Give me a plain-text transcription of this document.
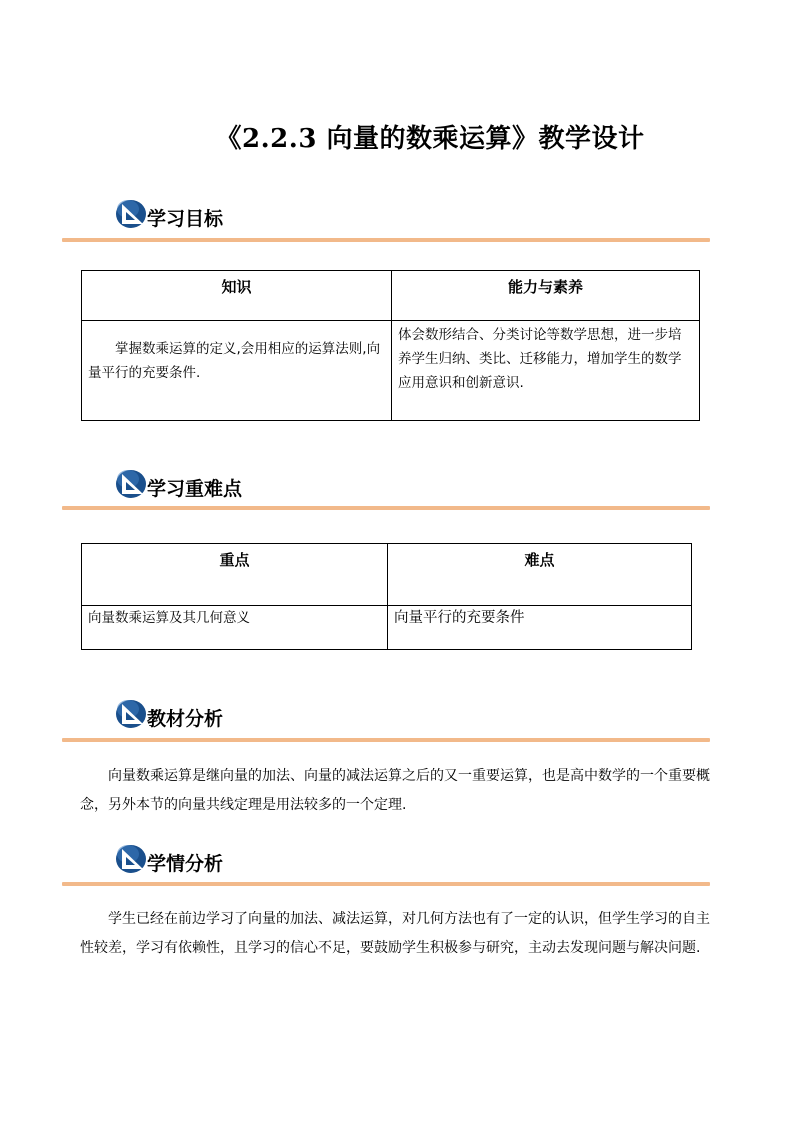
《2.2.3 向量的数乘运算》教学设计
学习目标
知识	能力与素养
掌握数乘运算的定义,会用相应的运算法则,向量平行的充要条件.	体会数形结合、分类讨论等数学思想，进一步培养学生归纳、类比、迁移能力，增加学生的数学应用意识和创新意识.
学习重难点
重点	难点
向量数乘运算及其几何意义	向量平行的充要条件
教材分析
向量数乘运算是继向量的加法、向量的减法运算之后的又一重要运算，也是高中数学的一个重要概念，另外本节的向量共线定理是用法较多的一个定理.
学情分析
学生已经在前边学习了向量的加法、减法运算，对几何方法也有了一定的认识，但学生学习的自主性较差，学习有依赖性，且学习的信心不足，要鼓励学生积极参与研究，主动去发现问题与解决问题.
